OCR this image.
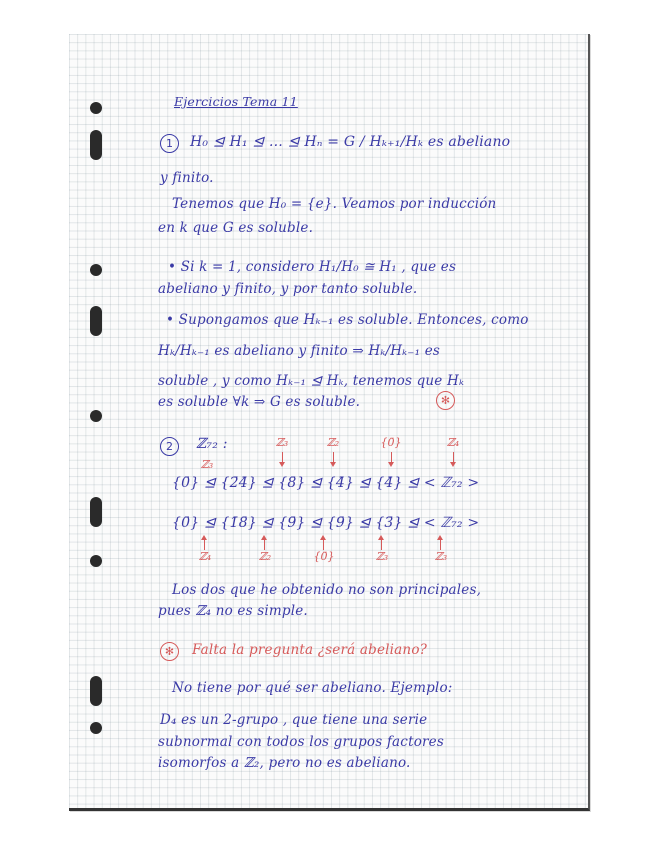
Ejercicios Tema 11
1	H₀ ⊴ H₁ ⊴ … ⊴ Hₙ = G / Hₖ₊₁/Hₖ es abeliano
y finito.
Tenemos que H₀ = {e}. Veamos por inducción
en k que G es soluble.
• Si k = 1, considero H₁/H₀ ≅ H₁ , que es
abeliano y finito, y por tanto soluble.
• Supongamos que Hₖ₋₁ es soluble. Entonces, como
Hₖ/Hₖ₋₁ es abeliano y finito ⇒ Hₖ/Hₖ₋₁ es
soluble , y como Hₖ₋₁ ⊴ Hₖ, tenemos que Hₖ
es soluble ∀k ⇒ G es soluble.	✻
2	ℤ₇₂ :
ℤ₃
ℤ₃	ℤ₂	{0̄}	ℤ₄
{0̄} ⊴ {2̄4̄} ⊴ {8̄} ⊴ {4̄} ⊴ {4̄} ⊴ < ℤ₇₂ >
{0̄} ⊴ {1̄8̄} ⊴ {9̄} ⊴ {9̄} ⊴ {3̄} ⊴ < ℤ₇₂ >
ℤ₄	ℤ₂	{0̄}	ℤ₃	ℤ₃
Los dos que he obtenido no son principales,
pues ℤ₄ no es simple.
✻	Falta la pregunta ¿será abeliano?
No tiene por qué ser abeliano. Ejemplo:
D₄ es un 2-grupo , que tiene una serie
subnormal con todos los grupos factores
isomorfos a ℤ₂, pero no es abeliano.
